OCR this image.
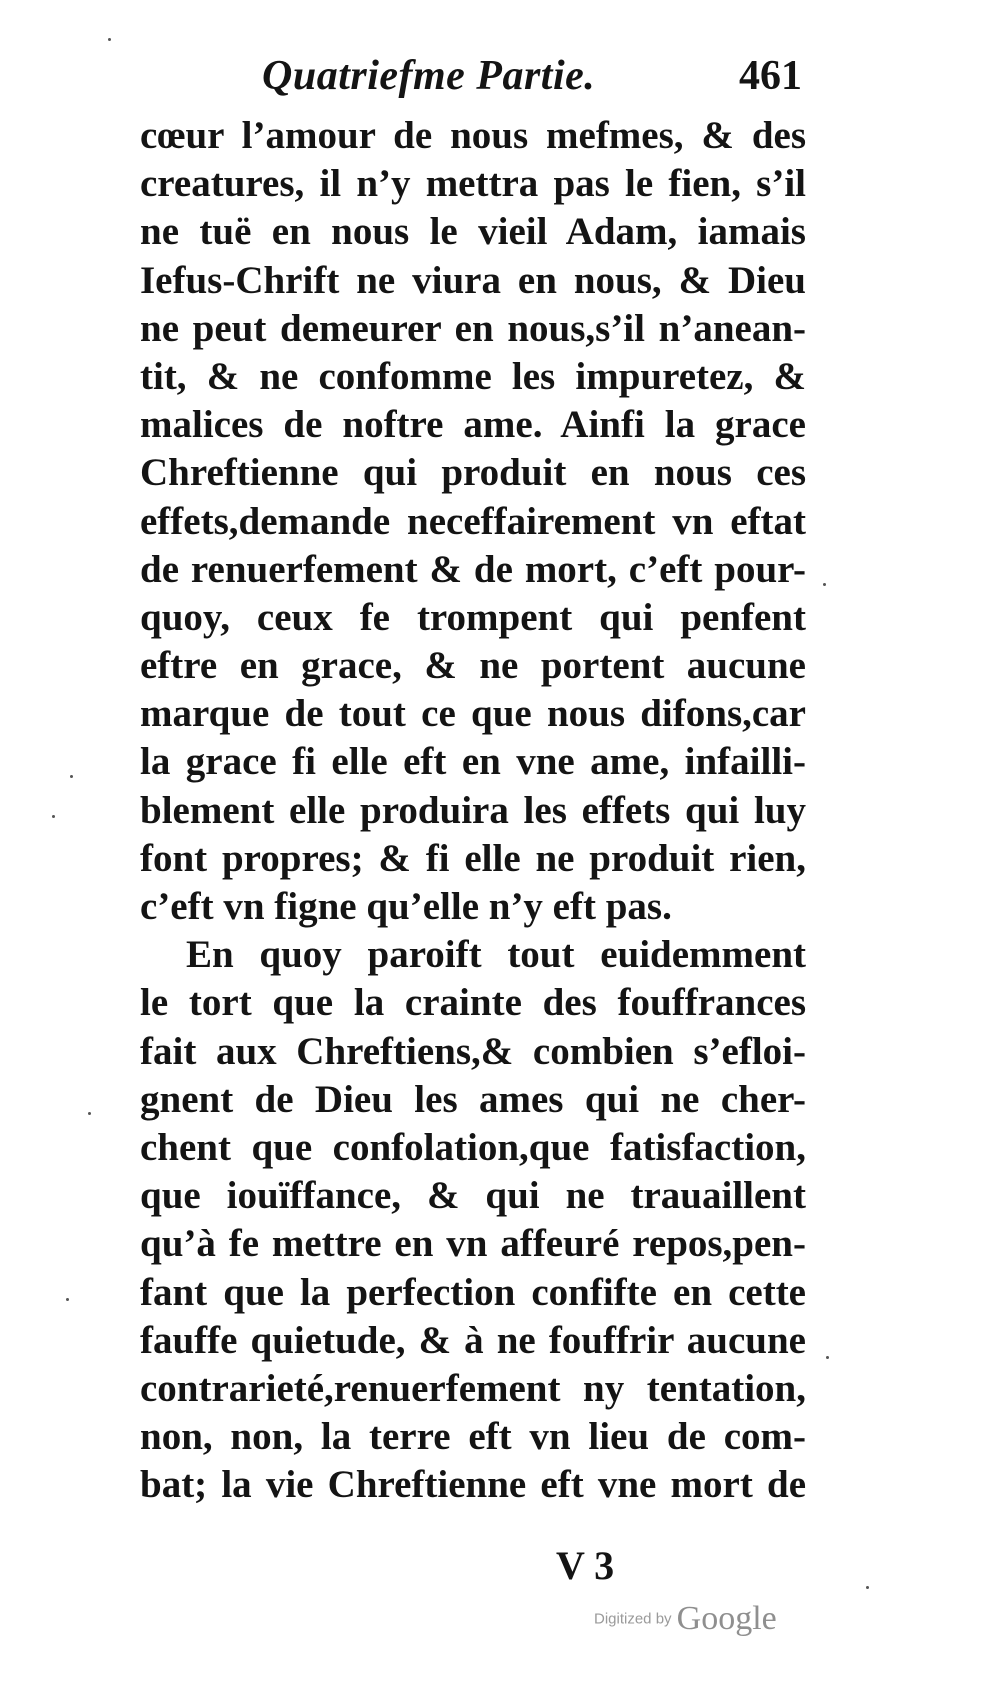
Quatriefme Partie.	461
cœur l’amour de nous mefmes, & des
creatures, il n’y mettra pas le fien, s’il
ne tuë en nous le vieil Adam, iamais
Iefus-Chrift ne viura en nous, & Dieu
ne peut demeurer en nous,s’il n’anean-
tit, & ne confomme les impuretez, &
malices de noftre ame. Ainfi la grace
Chreftienne qui produit en nous ces
effets,demande neceffairement vn eftat
de renuerfement & de mort, c’eft pour-
quoy, ceux fe trompent qui penfent
eftre en grace, & ne portent aucune
marque de tout ce que nous difons,car
la grace fi elle eft en vne ame, infailli-
blement elle produira les effets qui luy
font propres; & fi elle ne produit rien,
c’eft vn figne qu’elle n’y eft pas.
En quoy paroift tout euidemment
le tort que la crainte des fouffrances
fait aux Chreftiens,& combien s’efloi-
gnent de Dieu les ames qui ne cher-
chent que confolation,que fatisfaction,
que iouïffance, & qui ne trauaillent
qu’à fe mettre en vn affeuré repos,pen-
fant que la perfection confifte en cette
fauffe quietude, & à ne fouffrir aucune
contrarieté,renuerfement ny tentation,
non, non, la terre eft vn lieu de com-
bat; la vie Chreftienne eft vne mort de
V 3
Digitized by Google
